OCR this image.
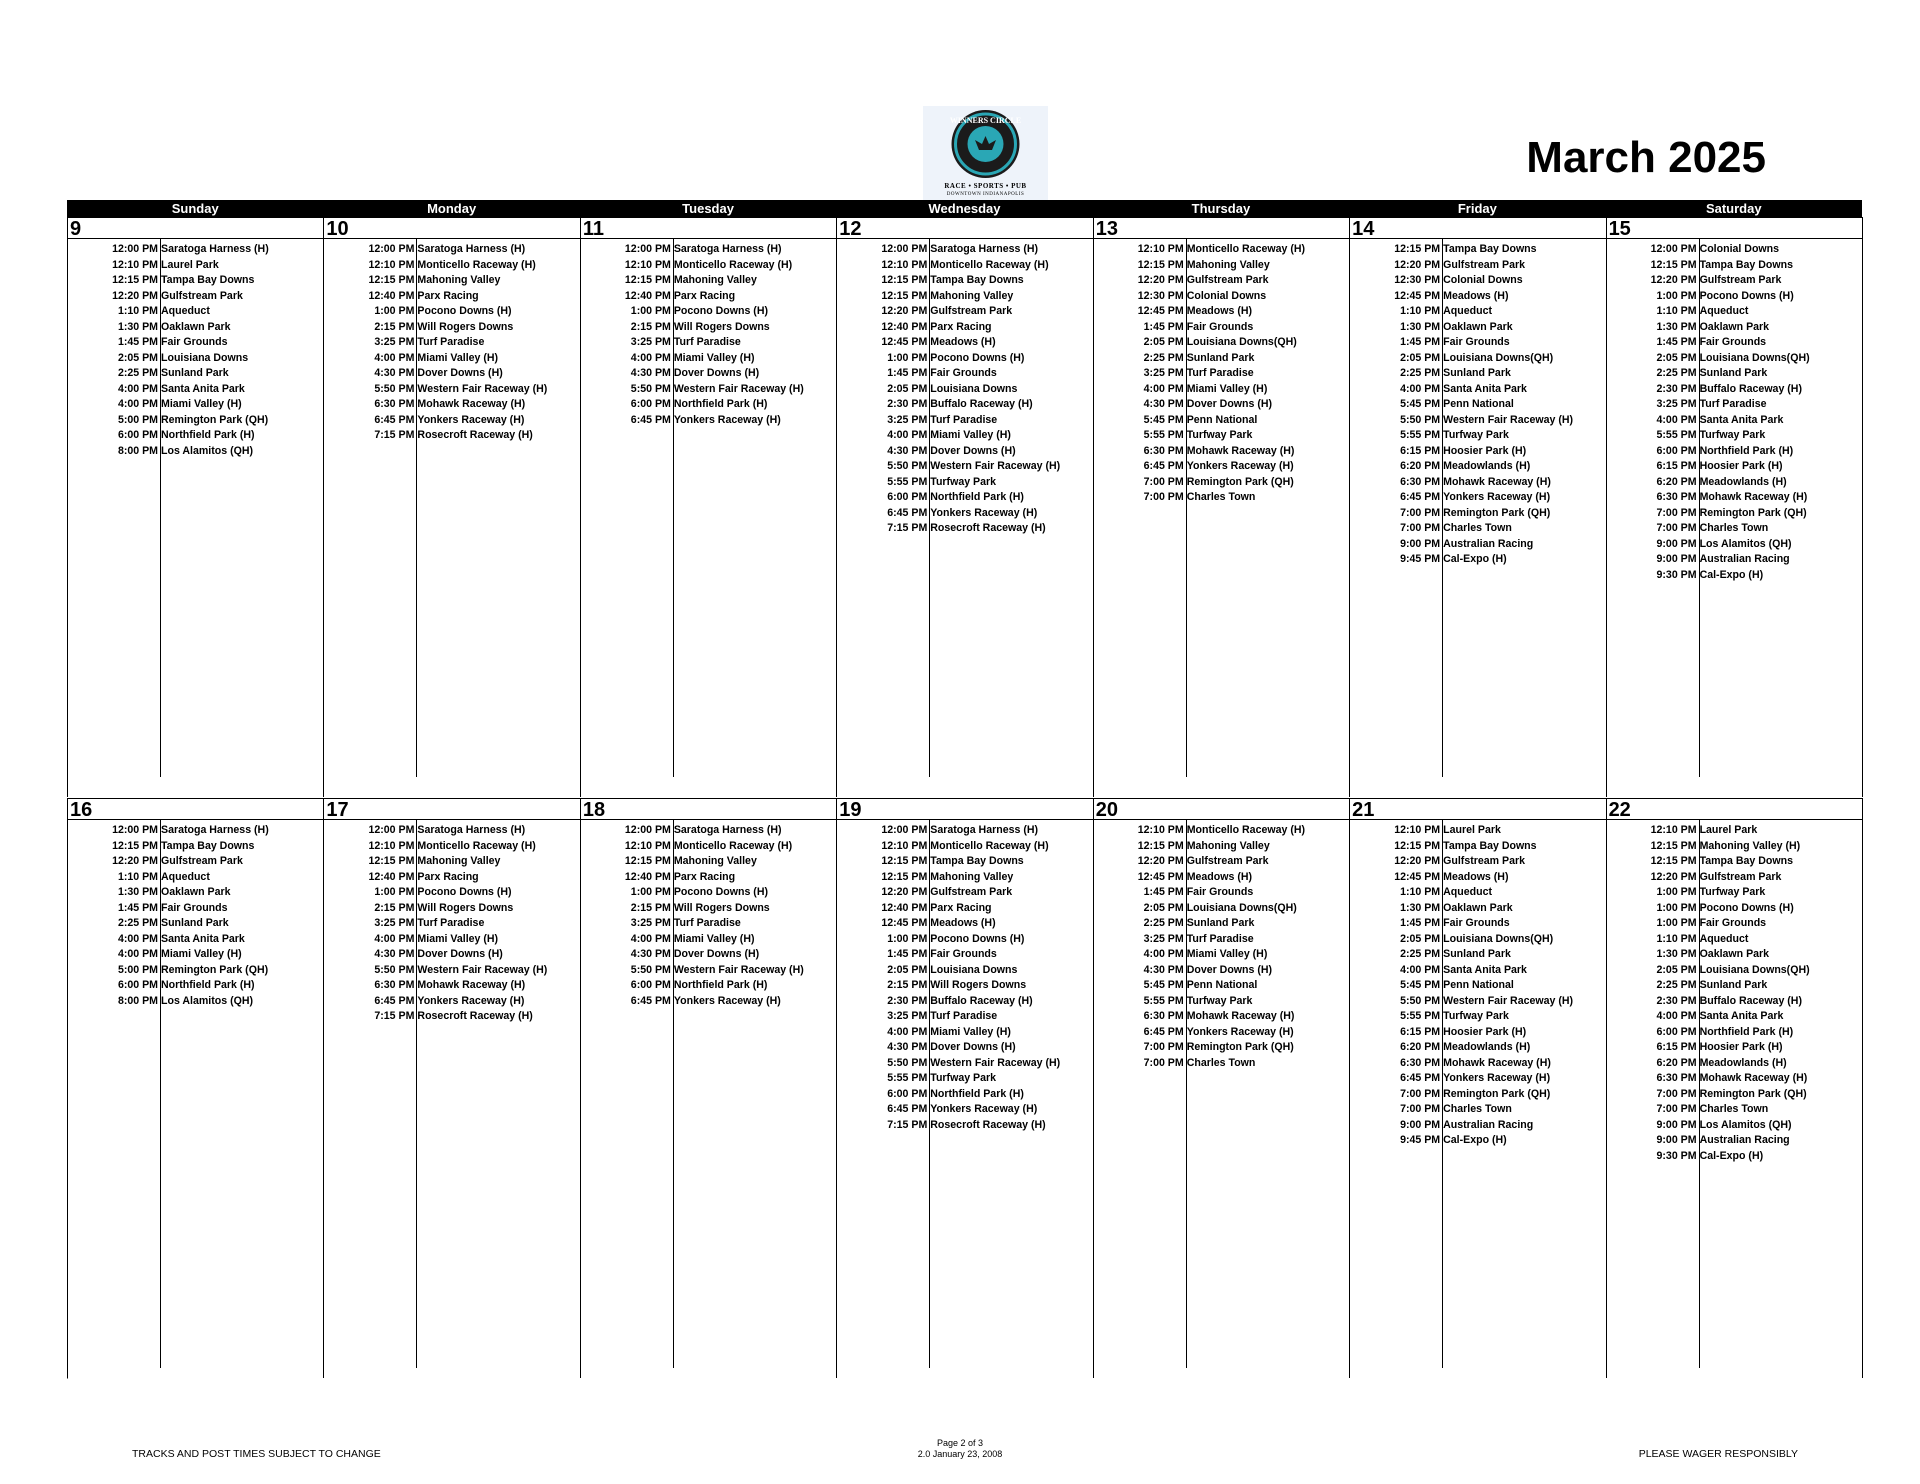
WINNERS CIRCLE
RACE • SPORTS • PUB
DOWNTOWN INDIANAPOLIS
March 2025
Sunday	Monday	Tuesday	Wednesday	Thursday	Friday	Saturday
9
12:00 PM Saratoga Harness (H)
12:10 PM Laurel Park
12:15 PM Tampa Bay Downs
12:20 PM Gulfstream Park
1:10 PM Aqueduct
1:30 PM Oaklawn Park
1:45 PM Fair Grounds
2:05 PM Louisiana Downs
2:25 PM Sunland Park
4:00 PM Santa Anita Park
4:00 PM Miami Valley (H)
5:00 PM Remington Park (QH)
6:00 PM Northfield Park (H)
8:00 PM Los Alamitos (QH)
10
12:00 PM Saratoga Harness (H)
12:10 PM Monticello Raceway (H)
12:15 PM Mahoning Valley
12:40 PM Parx Racing
1:00 PM Pocono Downs (H)
2:15 PM Will Rogers Downs
3:25 PM Turf Paradise
4:00 PM Miami Valley (H)
4:30 PM Dover Downs (H)
5:50 PM Western Fair Raceway (H)
6:30 PM Mohawk Raceway (H)
6:45 PM Yonkers Raceway (H)
7:15 PM Rosecroft Raceway (H)
11
12:00 PM Saratoga Harness (H)
12:10 PM Monticello Raceway (H)
12:15 PM Mahoning Valley
12:40 PM Parx Racing
1:00 PM Pocono Downs (H)
2:15 PM Will Rogers Downs
3:25 PM Turf Paradise
4:00 PM Miami Valley (H)
4:30 PM Dover Downs (H)
5:50 PM Western Fair Raceway (H)
6:00 PM Northfield Park (H)
6:45 PM Yonkers Raceway (H)
12
12:00 PM Saratoga Harness (H)
12:10 PM Monticello Raceway (H)
12:15 PM Tampa Bay Downs
12:15 PM Mahoning Valley
12:20 PM Gulfstream Park
12:40 PM Parx Racing
12:45 PM Meadows (H)
1:00 PM Pocono Downs (H)
1:45 PM Fair Grounds
2:05 PM Louisiana Downs
2:30 PM Buffalo Raceway (H)
3:25 PM Turf Paradise
4:00 PM Miami Valley (H)
4:30 PM Dover Downs (H)
5:50 PM Western Fair Raceway (H)
5:55 PM Turfway Park
6:00 PM Northfield Park (H)
6:45 PM Yonkers Raceway (H)
7:15 PM Rosecroft Raceway (H)
13
12:10 PM Monticello Raceway (H)
12:15 PM Mahoning Valley
12:20 PM Gulfstream Park
12:30 PM Colonial Downs
12:45 PM Meadows (H)
1:45 PM Fair Grounds
2:05 PM Louisiana Downs(QH)
2:25 PM Sunland Park
3:25 PM Turf Paradise
4:00 PM Miami Valley (H)
4:30 PM Dover Downs (H)
5:45 PM Penn National
5:55 PM Turfway Park
6:30 PM Mohawk Raceway (H)
6:45 PM Yonkers Raceway (H)
7:00 PM Remington Park (QH)
7:00 PM Charles Town
14
12:15 PM Tampa Bay Downs
12:20 PM Gulfstream Park
12:30 PM Colonial Downs
12:45 PM Meadows (H)
1:10 PM Aqueduct
1:30 PM Oaklawn Park
1:45 PM Fair Grounds
2:05 PM Louisiana Downs(QH)
2:25 PM Sunland Park
4:00 PM Santa Anita Park
5:45 PM Penn National
5:50 PM Western Fair Raceway (H)
5:55 PM Turfway Park
6:15 PM Hoosier Park (H)
6:20 PM Meadowlands (H)
6:30 PM Mohawk Raceway (H)
6:45 PM Yonkers Raceway (H)
7:00 PM Remington Park (QH)
7:00 PM Charles Town
9:00 PM Australian Racing
9:45 PM Cal-Expo (H)
15
12:00 PM Colonial Downs
12:15 PM Tampa Bay Downs
12:20 PM Gulfstream Park
1:00 PM Pocono Downs (H)
1:10 PM Aqueduct
1:30 PM Oaklawn Park
1:45 PM Fair Grounds
2:05 PM Louisiana Downs(QH)
2:25 PM Sunland Park
2:30 PM Buffalo Raceway (H)
3:25 PM Turf Paradise
4:00 PM Santa Anita Park
5:55 PM Turfway Park
6:00 PM Northfield Park (H)
6:15 PM Hoosier Park (H)
6:20 PM Meadowlands (H)
6:30 PM Mohawk Raceway (H)
7:00 PM Remington Park (QH)
7:00 PM Charles Town
9:00 PM Los Alamitos (QH)
9:00 PM Australian Racing
9:30 PM Cal-Expo (H)
16
12:00 PM Saratoga Harness (H)
12:15 PM Tampa Bay Downs
12:20 PM Gulfstream Park
1:10 PM Aqueduct
1:30 PM Oaklawn Park
1:45 PM Fair Grounds
2:25 PM Sunland Park
4:00 PM Santa Anita Park
4:00 PM Miami Valley (H)
5:00 PM Remington Park (QH)
6:00 PM Northfield Park (H)
8:00 PM Los Alamitos (QH)
17
12:00 PM Saratoga Harness (H)
12:10 PM Monticello Raceway (H)
12:15 PM Mahoning Valley
12:40 PM Parx Racing
1:00 PM Pocono Downs (H)
2:15 PM Will Rogers Downs
3:25 PM Turf Paradise
4:00 PM Miami Valley (H)
4:30 PM Dover Downs (H)
5:50 PM Western Fair Raceway (H)
6:30 PM Mohawk Raceway (H)
6:45 PM Yonkers Raceway (H)
7:15 PM Rosecroft Raceway (H)
18
12:00 PM Saratoga Harness (H)
12:10 PM Monticello Raceway (H)
12:15 PM Mahoning Valley
12:40 PM Parx Racing
1:00 PM Pocono Downs (H)
2:15 PM Will Rogers Downs
3:25 PM Turf Paradise
4:00 PM Miami Valley (H)
4:30 PM Dover Downs (H)
5:50 PM Western Fair Raceway (H)
6:00 PM Northfield Park (H)
6:45 PM Yonkers Raceway (H)
19
12:00 PM Saratoga Harness (H)
12:10 PM Monticello Raceway (H)
12:15 PM Tampa Bay Downs
12:15 PM Mahoning Valley
12:20 PM Gulfstream Park
12:40 PM Parx Racing
12:45 PM Meadows (H)
1:00 PM Pocono Downs (H)
1:45 PM Fair Grounds
2:05 PM Louisiana Downs
2:15 PM Will Rogers Downs
2:30 PM Buffalo Raceway (H)
3:25 PM Turf Paradise
4:00 PM Miami Valley (H)
4:30 PM Dover Downs (H)
5:50 PM Western Fair Raceway (H)
5:55 PM Turfway Park
6:00 PM Northfield Park (H)
6:45 PM Yonkers Raceway (H)
7:15 PM Rosecroft Raceway (H)
20
12:10 PM Monticello Raceway (H)
12:15 PM Mahoning Valley
12:20 PM Gulfstream Park
12:45 PM Meadows (H)
1:45 PM Fair Grounds
2:05 PM Louisiana Downs(QH)
2:25 PM Sunland Park
3:25 PM Turf Paradise
4:00 PM Miami Valley (H)
4:30 PM Dover Downs (H)
5:45 PM Penn National
5:55 PM Turfway Park
6:30 PM Mohawk Raceway (H)
6:45 PM Yonkers Raceway (H)
7:00 PM Remington Park (QH)
7:00 PM Charles Town
21
12:10 PM Laurel Park
12:15 PM Tampa Bay Downs
12:20 PM Gulfstream Park
12:45 PM Meadows (H)
1:10 PM Aqueduct
1:30 PM Oaklawn Park
1:45 PM Fair Grounds
2:05 PM Louisiana Downs(QH)
2:25 PM Sunland Park
4:00 PM Santa Anita Park
5:45 PM Penn National
5:50 PM Western Fair Raceway (H)
5:55 PM Turfway Park
6:15 PM Hoosier Park (H)
6:20 PM Meadowlands (H)
6:30 PM Mohawk Raceway (H)
6:45 PM Yonkers Raceway (H)
7:00 PM Remington Park (QH)
7:00 PM Charles Town
9:00 PM Australian Racing
9:45 PM Cal-Expo (H)
22
12:10 PM Laurel Park
12:15 PM Mahoning Valley (H)
12:15 PM Tampa Bay Downs
12:20 PM Gulfstream Park
1:00 PM Turfway Park
1:00 PM Pocono Downs (H)
1:00 PM Fair Grounds
1:10 PM Aqueduct
1:30 PM Oaklawn Park
2:05 PM Louisiana Downs(QH)
2:25 PM Sunland Park
2:30 PM Buffalo Raceway (H)
4:00 PM Santa Anita Park
6:00 PM Northfield Park (H)
6:15 PM Hoosier Park (H)
6:20 PM Meadowlands (H)
6:30 PM Mohawk Raceway (H)
7:00 PM Remington Park (QH)
7:00 PM Charles Town
9:00 PM Los Alamitos (QH)
9:00 PM Australian Racing
9:30 PM Cal-Expo (H)
TRACKS AND POST TIMES SUBJECT TO CHANGE
Page 2 of 3
2.0 January 23, 2008	PLEASE WAGER RESPONSIBLY
